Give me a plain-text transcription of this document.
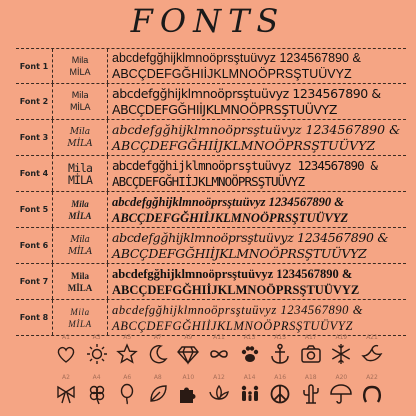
FONTS
Font 1
Mila
MİLA
abcdefgğhijklmnoöprsştuüvyz 1234567890 &
ABCÇDEFGĞHIİJKLMNOÖPRSŞTUÜVYZ
Font 2
Mila
MİLA
abcdefgğhijklmnoöprsştuüvyz 1234567890 &
ABCÇDEFGĞHIİJKLMNOÖPRSŞTUÜVYZ
Font 3
Mila
MİLA
abcdefgğhijklmnoöprsştuüvyz 1234567890 &
ABCÇDEFGĞHIİJKLMNOÖPRSŞTUÜVYZ
Font 4	Mila
MİLA
abcdefgğhijklmnoöprsştuüvyz 1234567890 &
ABCÇDEFGĞHIİJKLMNOÖPRSŞTUÜVYZ
Font 5
Mila
MİLA
abcdefgğhijklmnoöprsştuüvyz 1234567890 &
ABCÇDEFGĞHIİJKLMNOÖPRSŞTUÜVYZ
Font 6
Mila
MİLA
abcdefgğhijklmnoöprsştuüvyz 1234567890 &
ABCÇDEFGĞHIİJKLMNOÖPRSŞTUÜVYZ
Font 7
Mila
MİLA
abcdefgğhijklmnoöprsştuüvyz 1234567890 &
ABCÇDEFGĞHIİJKLMNOÖPRSŞTUÜVYZ
Font 8
Mila
MİLA
abcdefgğhijklmnoöprsştuüvyz 1234567890 &
ABCÇDEFGĞHIİJKLMNOÖPRSŞTUÜVYZ
A1	A3	A5	A7	A9	A11	A13	A15	A17	A19	A21
A2	A4	A6	A8	A10	A12	A14	A16	A18	A20	A22
